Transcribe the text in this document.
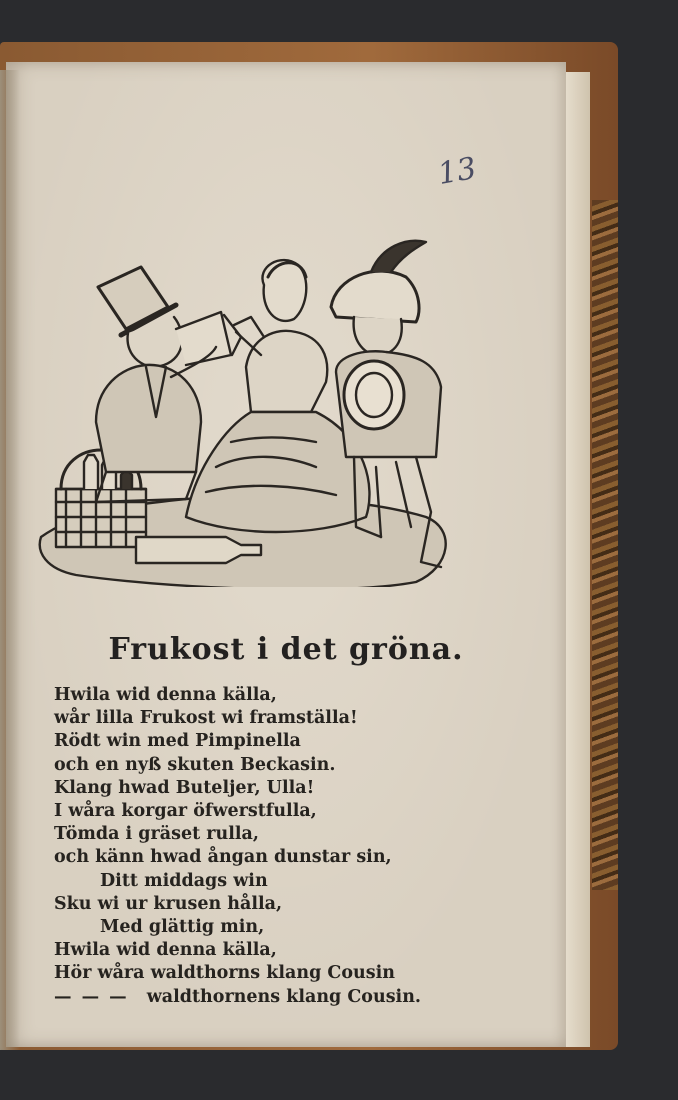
13
Frukost i det gröna.
Hwila wid denna källa,
wår lilla Frukost wi framställa!
Rödt win med Pimpinella
och en nyß skuten Beckasin.
Klang hwad Buteljer, Ulla!
I wåra korgar öfwerstfulla,
Tömda i gräset rulla,
och känn hwad ångan dunstar sin,
Ditt middags win
Sku wi ur krusen hålla,
Med glättig min,
Hwila wid denna källa,
Hör wåra waldthorns klang Cousin
— — — waldthornens klang Cousin.
